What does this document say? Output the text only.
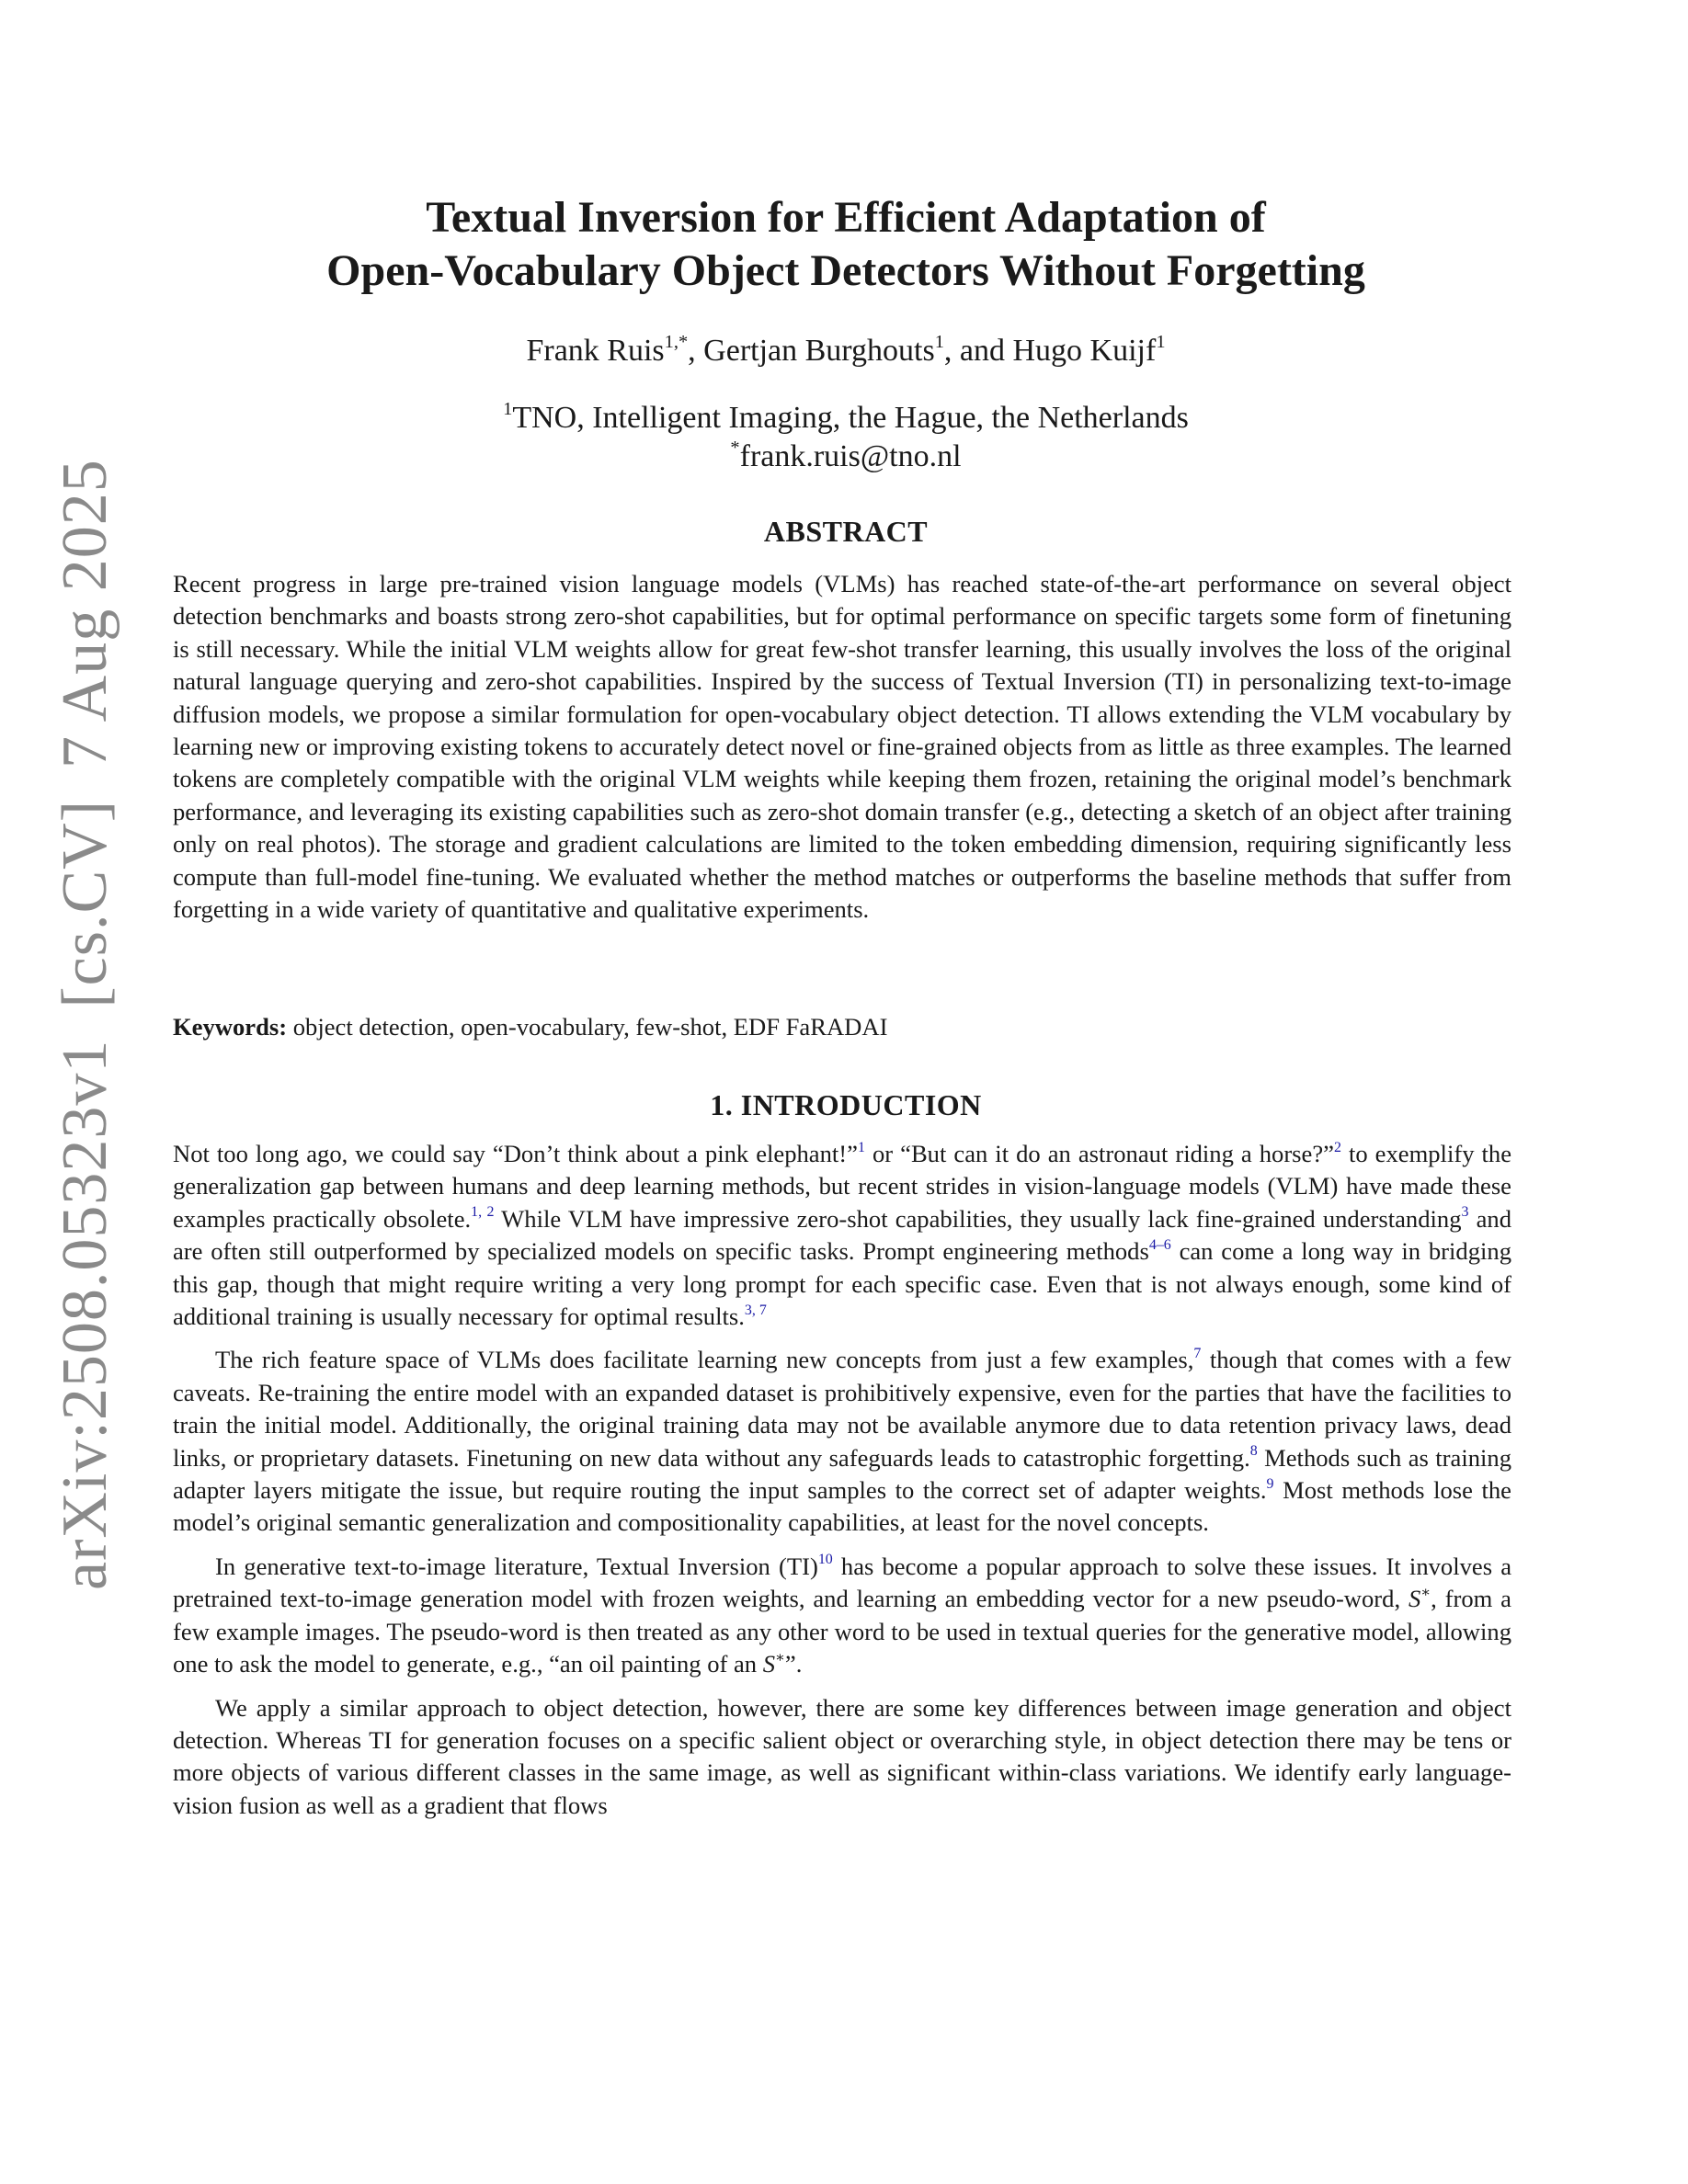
arXiv:2508.05323v1
[cs.CV]
7 Aug 2025
Textual Inversion for Efficient Adaptation of
Open-Vocabulary Object Detectors Without Forgetting
Frank Ruis$^{1,*}$, Gertjan Burghouts$^1$, and Hugo Kuijf$^1$
$^1$TNO, Intelligent Imaging, the Hague, the Netherlands
*frank.ruis@tno.nl
ABSTRACT

Recent progress in large pre-trained vision language models (VLMs) has reached state-of-the-art performance on several object detection benchmarks and boasts strong zero-shot capabilities, but for optimal performance on specific targets some form of finetuning is still necessary. While the initial VLM weights allow for great few-shot transfer learning, this usually involves the loss of the original natural language querying and zero-shot capabilities. Inspired by the success of Textual Inversion (TI) in personalizing text-to-image diffusion models, we propose a similar formulation for open-vocabulary object detection. TI allows extending the VLM vocabulary by learning new or improving existing tokens to accurately detect novel or fine-grained objects from as little as three examples. The learned tokens are completely compatible with the original VLM weights while keeping them frozen, retaining the original model’s benchmark performance, and leveraging its existing capabilities such as zero-shot domain transfer (e.g., detecting a sketch of an object after training only on real photos). The storage and gradient calculations are limited to the token embedding dimension, requiring significantly less compute than full-model fine-tuning. We evaluated whether the method matches or outperforms the baseline methods that suffer from forgetting in a wide variety of quantitative and qualitative experiments.

Keywords: object detection, open-vocabulary, few-shot, EDF FaRADAI

1. INTRODUCTION

Not too long ago, we could say “Don’t think about a pink elephant!”$^1$ or “But can it do an astronaut riding a horse?”$^2$ to exemplify the generalization gap between humans and deep learning methods, but recent strides in vision-language models (VLM) have made these examples practically obsolete.$^{1, 2}$ While VLM have impressive zero-shot capabilities, they usually lack fine-grained understanding$^3$ and are often still outperformed by specialized models on specific tasks. Prompt engineering methods$^{4-6}$ can come a long way in bridging this gap, though that might require writing a very long prompt for each specific case. Even that is not always enough, some kind of additional training is usually necessary for optimal results.$^{3, 7}$

The rich feature space of VLMs does facilitate learning new concepts from just a few examples,$^7$ though that comes with a few caveats. Re-training the entire model with an expanded dataset is prohibitively expensive, even for the parties that have the facilities to train the initial model. Additionally, the original training data may not be available anymore due to data retention privacy laws, dead links, or proprietary datasets. Finetuning on new data without any safeguards leads to catastrophic forgetting.$^8$ Methods such as training adapter layers mitigate the issue, but require routing the input samples to the correct set of adapter weights.$^9$ Most methods lose the model’s original semantic generalization and compositionality capabilities, at least for the novel concepts.

In generative text-to-image literature, Textual Inversion (TI)$^{10}$ has become a popular approach to solve these issues. It involves a pretrained text-to-image generation model with frozen weights, and learning an embedding vector for a new pseudo-word, S∗, from a few example images. The pseudo-word is then treated as any other word to be used in textual queries for the generative model, allowing one to ask the model to generate, e.g., “an oil painting of an S∗”.

We apply a similar approach to object detection, however, there are some key differences between image generation and object detection. Whereas TI for generation focuses on a specific salient object or overarching style, in object detection there may be tens or more objects of various different classes in the same image, as well as significant within-class variations. We identify early language-vision fusion as well as a gradient that flows
